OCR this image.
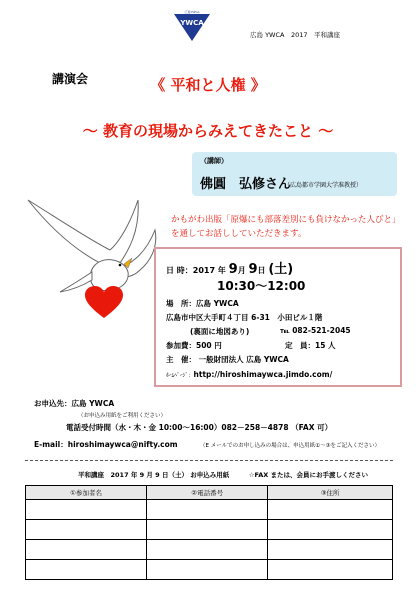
広島YWCA
YWCA
広島 YWCA　2017　平和講座
講演会	《 平和と人権 》
〜 教育の現場からみえてきたこと 〜
（講師）
佛圓　弘修さん
（広島都市学園大学准教授）
かもがわ出版「原爆にも部落差別にも負けなかった人びと」を通してお話ししていただきます。
日 時：2017 年 9月 9日 (土)
10:30〜12:00
場　所：広島 YWCA
広島市中区大手町４丁目 6-31　小田ビル１階
(裏面に地図あり)	℡ 082-521-2045
参加費：500 円	定　員：15 人
主　催： 一般財団法人 広島 YWCA
ﾎｰﾑﾍﾟｰｼﾞ：http://hiroshimaywca.jimdo.com/
お申込先：広島 YWCA
（お申込み用紙をご利用ください）
電話受付時間（水・木・金 10:00〜16:00）082－258－4878 （FAX 可）
E-mail：hiroshimaywca@nifty.com	（E メールでのお申し込みの場合は、申込用紙①〜③をご記入ください）
平和講座　2017 年 9 月 9 日（土） お申込み用紙　　　☆FAX または、会員にお手渡しください
①参加者名	②電話番号	③住所
